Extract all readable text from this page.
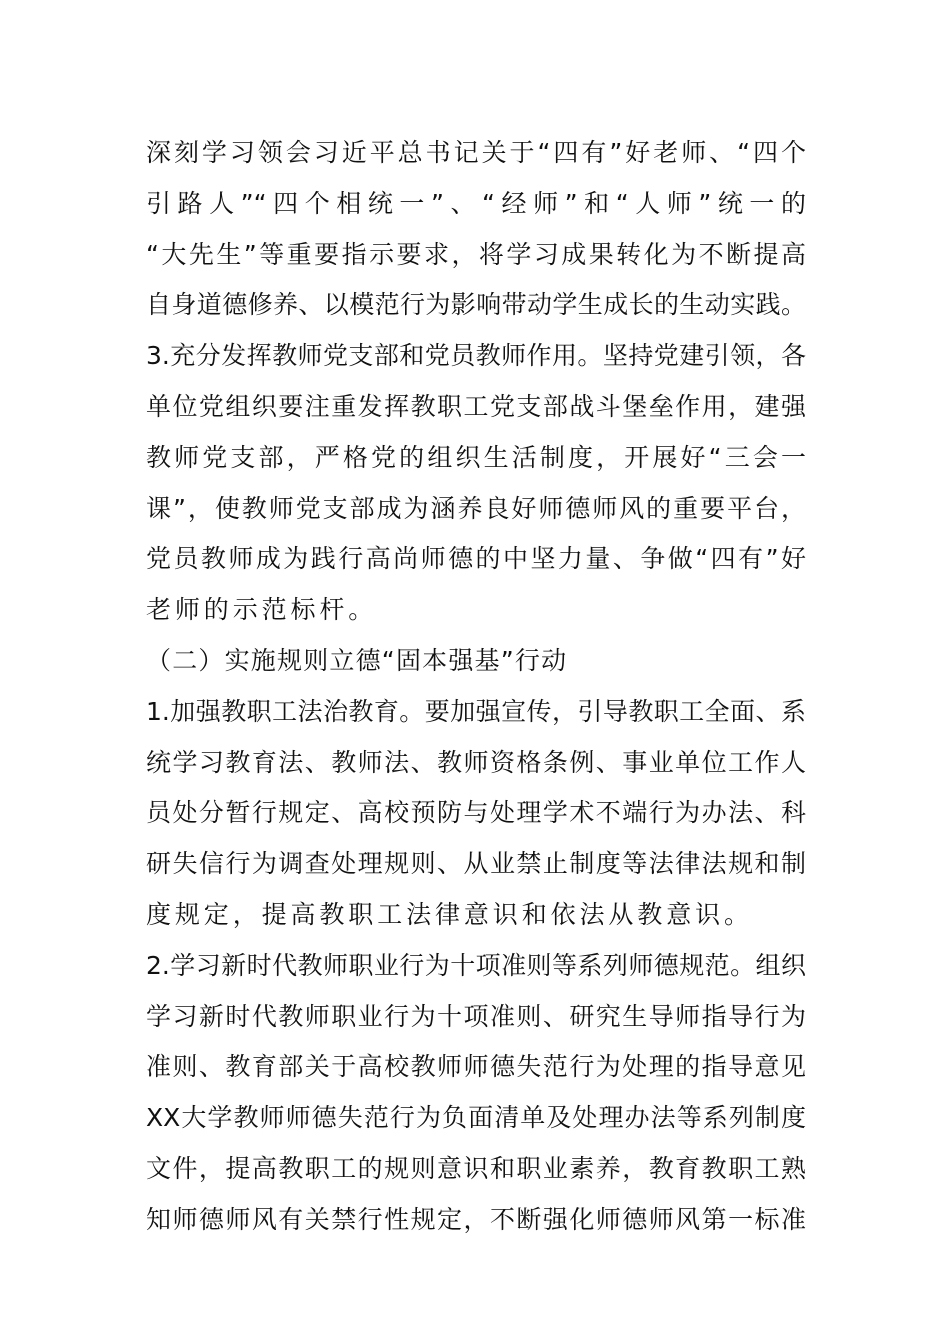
深刻学习领会习近平总书记关于“四有”好老师、“四个
引路人”“四个相统一”、“经师”和“人师”统一的
“大先生”等重要指示要求，将学习成果转化为不断提高
自身道德修养、以模范行为影响带动学生成长的生动实践。
3.充分发挥教师党支部和党员教师作用。坚持党建引领，各
单位党组织要注重发挥教职工党支部战斗堡垒作用，建强
教师党支部，严格党的组织生活制度，开展好“三会一
课”，使教师党支部成为涵养良好师德师风的重要平台，
党员教师成为践行高尚师德的中坚力量、争做“四有”好
老师的示范标杆。
（二）实施规则立德“固本强基”行动
1.加强教职工法治教育。要加强宣传，引导教职工全面、系
统学习教育法、教师法、教师资格条例、事业单位工作人
员处分暂行规定、高校预防与处理学术不端行为办法、科
研失信行为调查处理规则、从业禁止制度等法律法规和制
度规定，提高教职工法律意识和依法从教意识。
2.学习新时代教师职业行为十项准则等系列师德规范。组织
学习新时代教师职业行为十项准则、研究生导师指导行为
准则、教育部关于高校教师师德失范行为处理的指导意见
XX大学教师师德失范行为负面清单及处理办法等系列制度
文件，提高教职工的规则意识和职业素养，教育教职工熟
知师德师风有关禁行性规定，不断强化师德师风第一标准
